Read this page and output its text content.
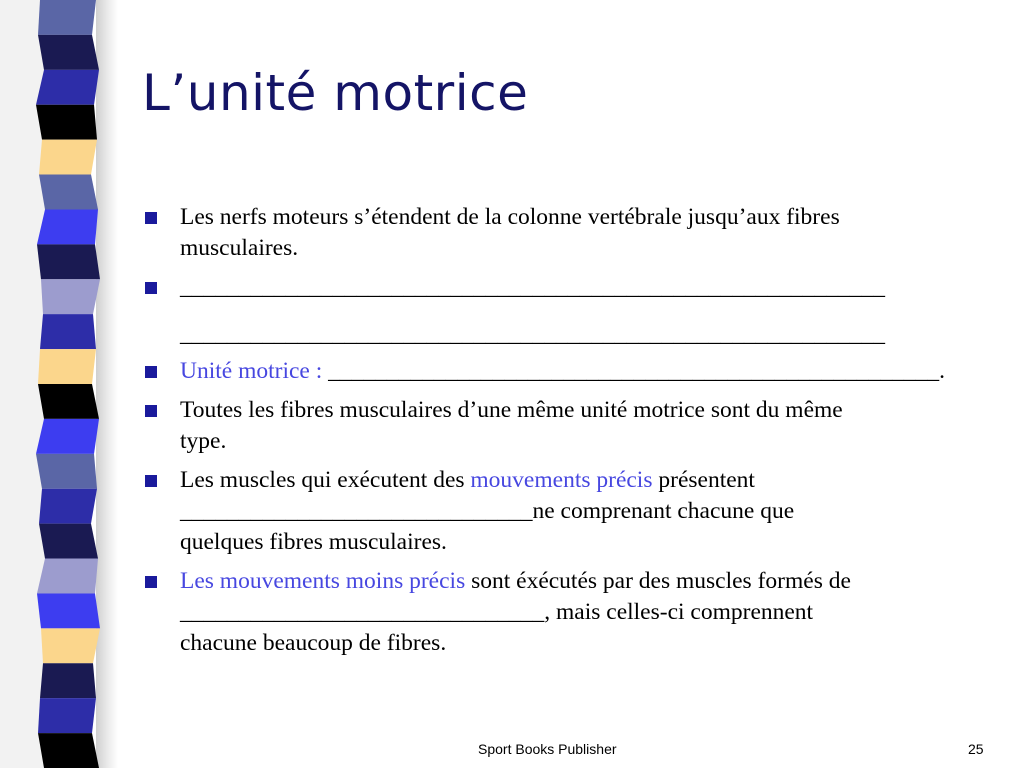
L’unité motrice
Les nerfs moteurs s’étendent de la colonne vertébrale jusqu’aux fibres
musculaires.
____________________________________________________________
____________________________________________________________
Unité motrice : ____________________________________________________.
Toutes les fibres musculaires d’une même unité motrice sont du même
type.
Les muscles qui exécutent des mouvements précis présentent
______________________________ne comprenant chacune que
quelques fibres musculaires.
Les mouvements moins précis sont éxécutés par des muscles formés de
_______________________________, mais celles-ci comprennent
chacune beaucoup de fibres.
Sport Books Publisher	25
